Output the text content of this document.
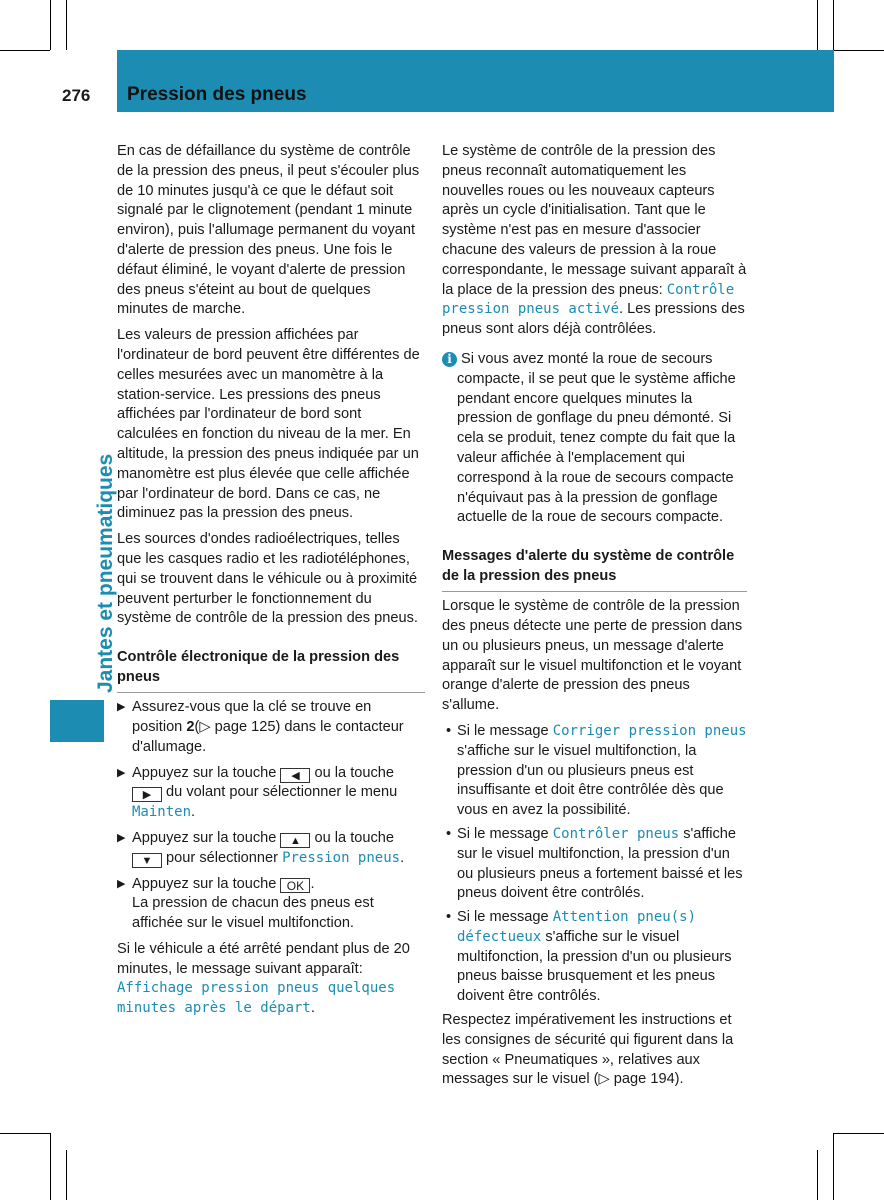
276	Pression des pneus
Jantes et pneumatiques

En cas de défaillance du système de contrôle de la pression des pneus, il peut s'écouler plus de 10 minutes jusqu'à ce que le défaut soit signalé par le clignotement (pendant 1 minute environ), puis l'allumage permanent du voyant d'alerte de pression des pneus. Une fois le défaut éliminé, le voyant d'alerte de pression des pneus s'éteint au bout de quelques minutes de marche.

Les valeurs de pression affichées par l'ordinateur de bord peuvent être différentes de celles mesurées avec un manomètre à la station-service. Les pressions des pneus affichées par l'ordinateur de bord sont calculées en fonction du niveau de la mer. En altitude, la pression des pneus indiquée par un manomètre est plus élevée que celle affichée par l'ordinateur de bord. Dans ce cas, ne diminuez pas la pression des pneus.

Les sources d'ondes radioélectriques, telles que les casques radio et les radiotéléphones, qui se trouvent dans le véhicule ou à proximité peuvent perturber le fonctionnement du système de contrôle de la pression des pneus.

Contrôle électronique de la pression des pneus
▶ Assurez-vous que la clé se trouve en position 2(▷ page 125) dans le contacteur d'allumage.
▶ Appuyez sur la touche ◀ ou la touche ▶ du volant pour sélectionner le menu Mainten.
▶ Appuyez sur la touche ▲ ou la touche ▼ pour sélectionner Pression pneus.
▶ Appuyez sur la touche OK .
La pression de chacun des pneus est affichée sur le visuel multifonction.

Si le véhicule a été arrêté pendant plus de 20 minutes, le message suivant apparaît: Affichage pression pneus quelques minutes après le départ.

Le système de contrôle de la pression des pneus reconnaît automatiquement les nouvelles roues ou les nouveaux capteurs après un cycle d'initialisation. Tant que le système n'est pas en mesure d'associer chacune des valeurs de pression à la roue correspondante, le message suivant apparaît à la place de la pression des pneus: Contrôle pression pneus activé. Les pressions des pneus sont alors déjà contrôlées.

i Si vous avez monté la roue de secours compacte, il se peut que le système affiche pendant encore quelques minutes la pression de gonflage du pneu démonté. Si cela se produit, tenez compte du fait que la valeur affichée à l'emplacement qui correspond à la roue de secours compacte n'équivaut pas à la pression de gonflage actuelle de la roue de secours compacte.
Messages d'alerte du système de contrôle de la pression des pneus

Lorsque le système de contrôle de la pression des pneus détecte une perte de pression dans un ou plusieurs pneus, un message d'alerte apparaît sur le visuel multifonction et le voyant orange d'alerte de pression des pneus s'allume.

• Si le message Corriger pression pneus s'affiche sur le visuel multifonction, la pression d'un ou plusieurs pneus est insuffisante et doit être contrôlée dès que vous en avez la possibilité.
• Si le message Contrôler pneus s'affiche sur le visuel multifonction, la pression d'un ou plusieurs pneus a fortement baissé et les pneus doivent être contrôlés.
• Si le message Attention pneu(s) défectueux s'affiche sur le visuel multifonction, la pression d'un ou plusieurs pneus baisse brusquement et les pneus doivent être contrôlés.

Respectez impérativement les instructions et les consignes de sécurité qui figurent dans la section « Pneumatiques », relatives aux messages sur le visuel (▷ page 194).
